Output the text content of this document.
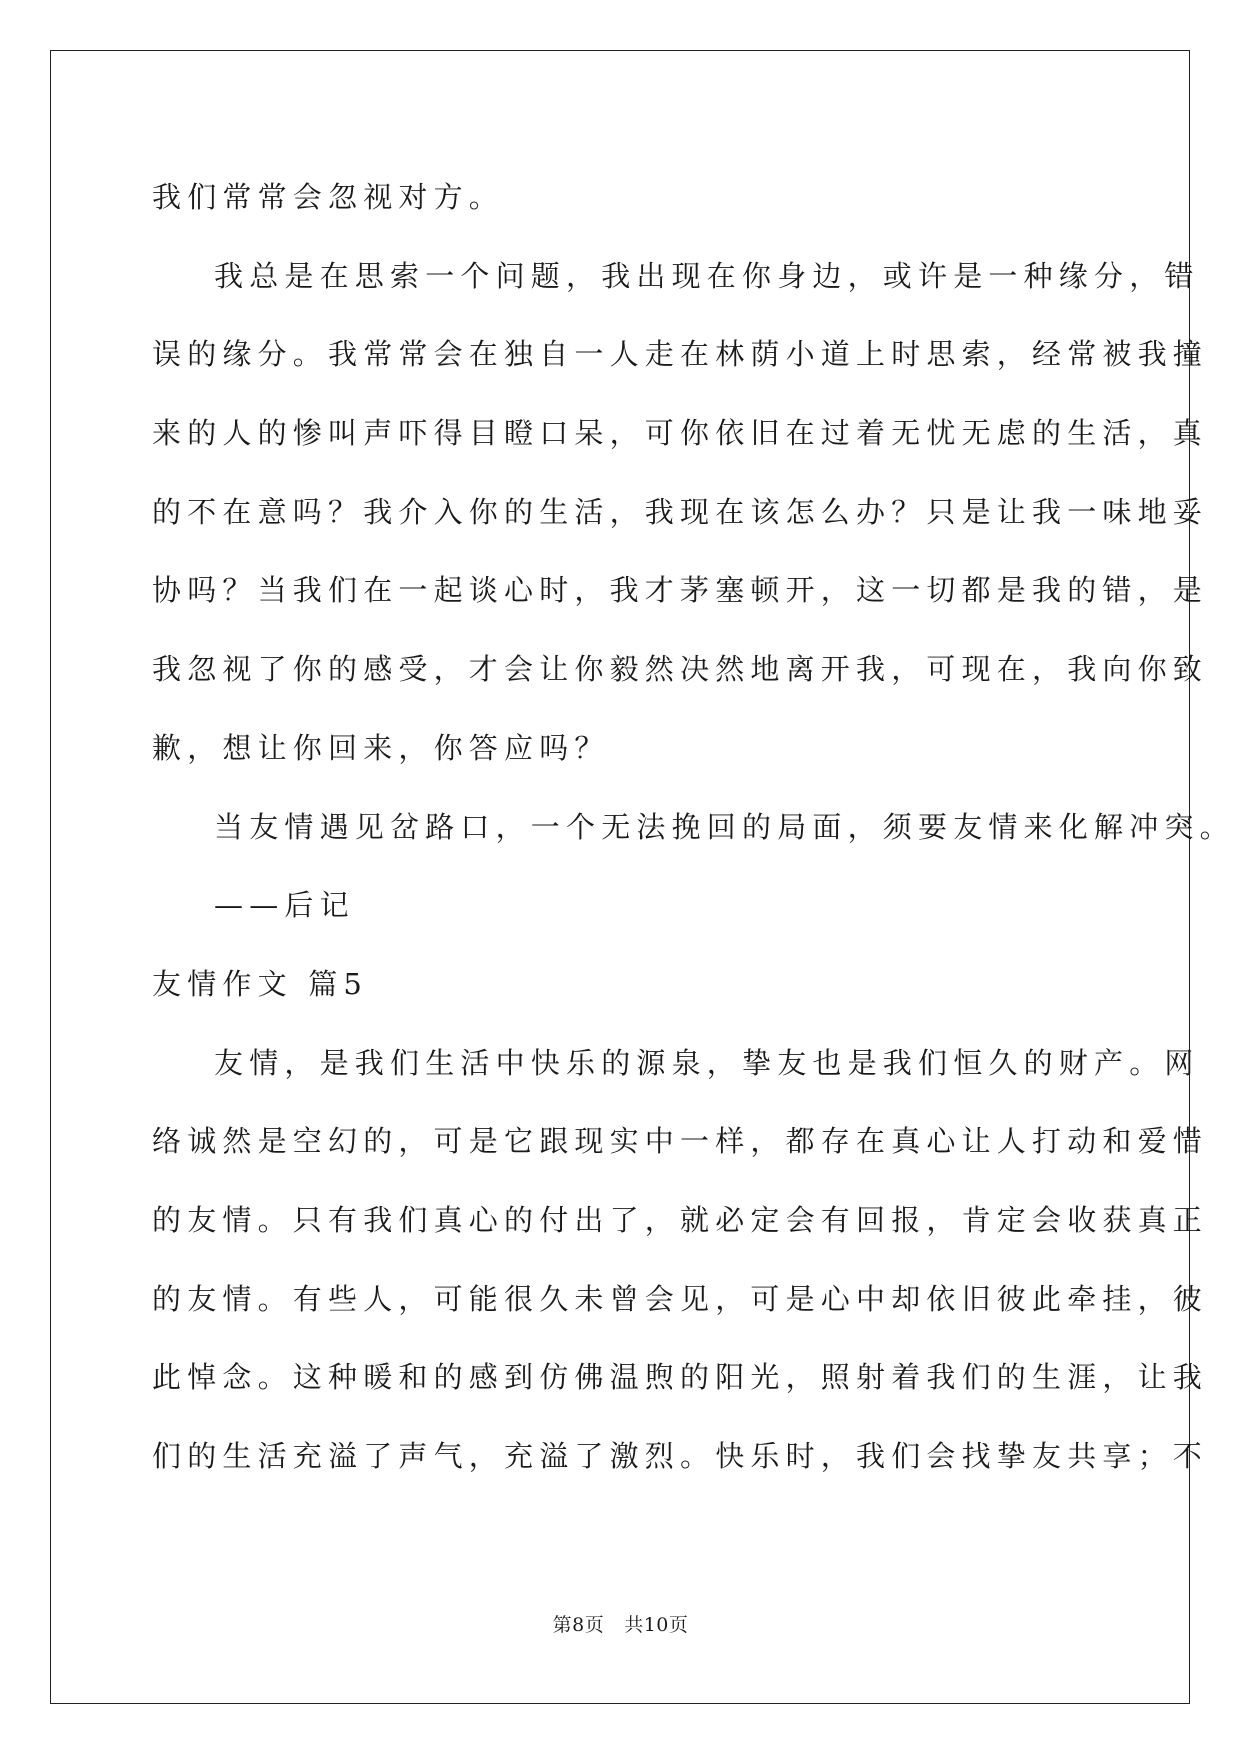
我们常常会忽视对方。
我总是在思索一个问题，我出现在你身边，或许是一种缘分，错
误的缘分。我常常会在独自一人走在林荫小道上时思索，经常被我撞
来的人的惨叫声吓得目瞪口呆，可你依旧在过着无忧无虑的生活，真
的不在意吗？我介入你的生活，我现在该怎么办？只是让我一味地妥
协吗？当我们在一起谈心时，我才茅塞顿开，这一切都是我的错，是
我忽视了你的感受，才会让你毅然决然地离开我，可现在，我向你致
歉，想让你回来，你答应吗？
当友情遇见岔路口，一个无法挽回的局面，须要友情来化解冲突。
——后记
友情作文 篇5
友情，是我们生活中快乐的源泉，挚友也是我们恒久的财产。网
络诚然是空幻的，可是它跟现实中一样，都存在真心让人打动和爱惜
的友情。只有我们真心的付出了，就必定会有回报，肯定会收获真正
的友情。有些人，可能很久未曾会见，可是心中却依旧彼此牵挂，彼
此悼念。这种暖和的感到仿佛温煦的阳光，照射着我们的生涯，让我
们的生活充溢了声气，充溢了激烈。快乐时，我们会找挚友共享；不
第8页 共10页
